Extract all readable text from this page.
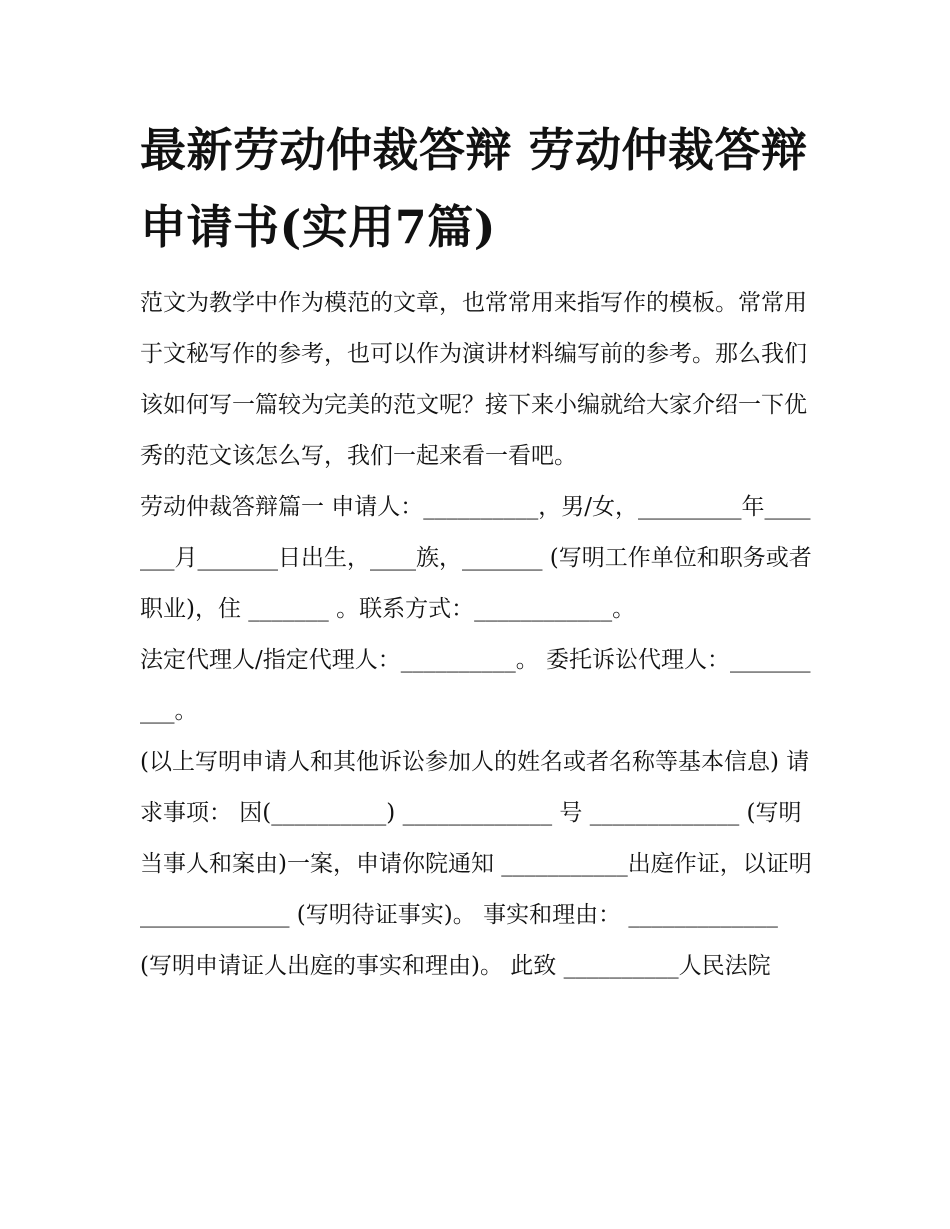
最新劳动仲裁答辩 劳动仲裁答辩申请书(实用7篇)

范文为教学中作为模范的文章，也常常用来指写作的模板。常常用于文秘写作的参考，也可以作为演讲材料编写前的参考。那么我们该如何写一篇较为完美的范文呢？接下来小编就给大家介绍一下优秀的范文该怎么写，我们一起来看一看吧。

劳动仲裁答辩篇一 申请人：__________，男/女，_________年_______月_______日出生，____族，_______ (写明工作单位和职务或者职业)，住 _______ 。联系方式：____________。

法定代理人/指定代理人：__________。 委托诉讼代理人：__________。

(以上写明申请人和其他诉讼参加人的姓名或者名称等基本信息) 请求事项： 因(__________) _____________ 号 _____________ (写明当事人和案由)一案，申请你院通知 ___________出庭作证，以证明 _____________ (写明待证事实)。 事实和理由： _____________ (写明申请证人出庭的事实和理由)。 此致 __________人民法院
